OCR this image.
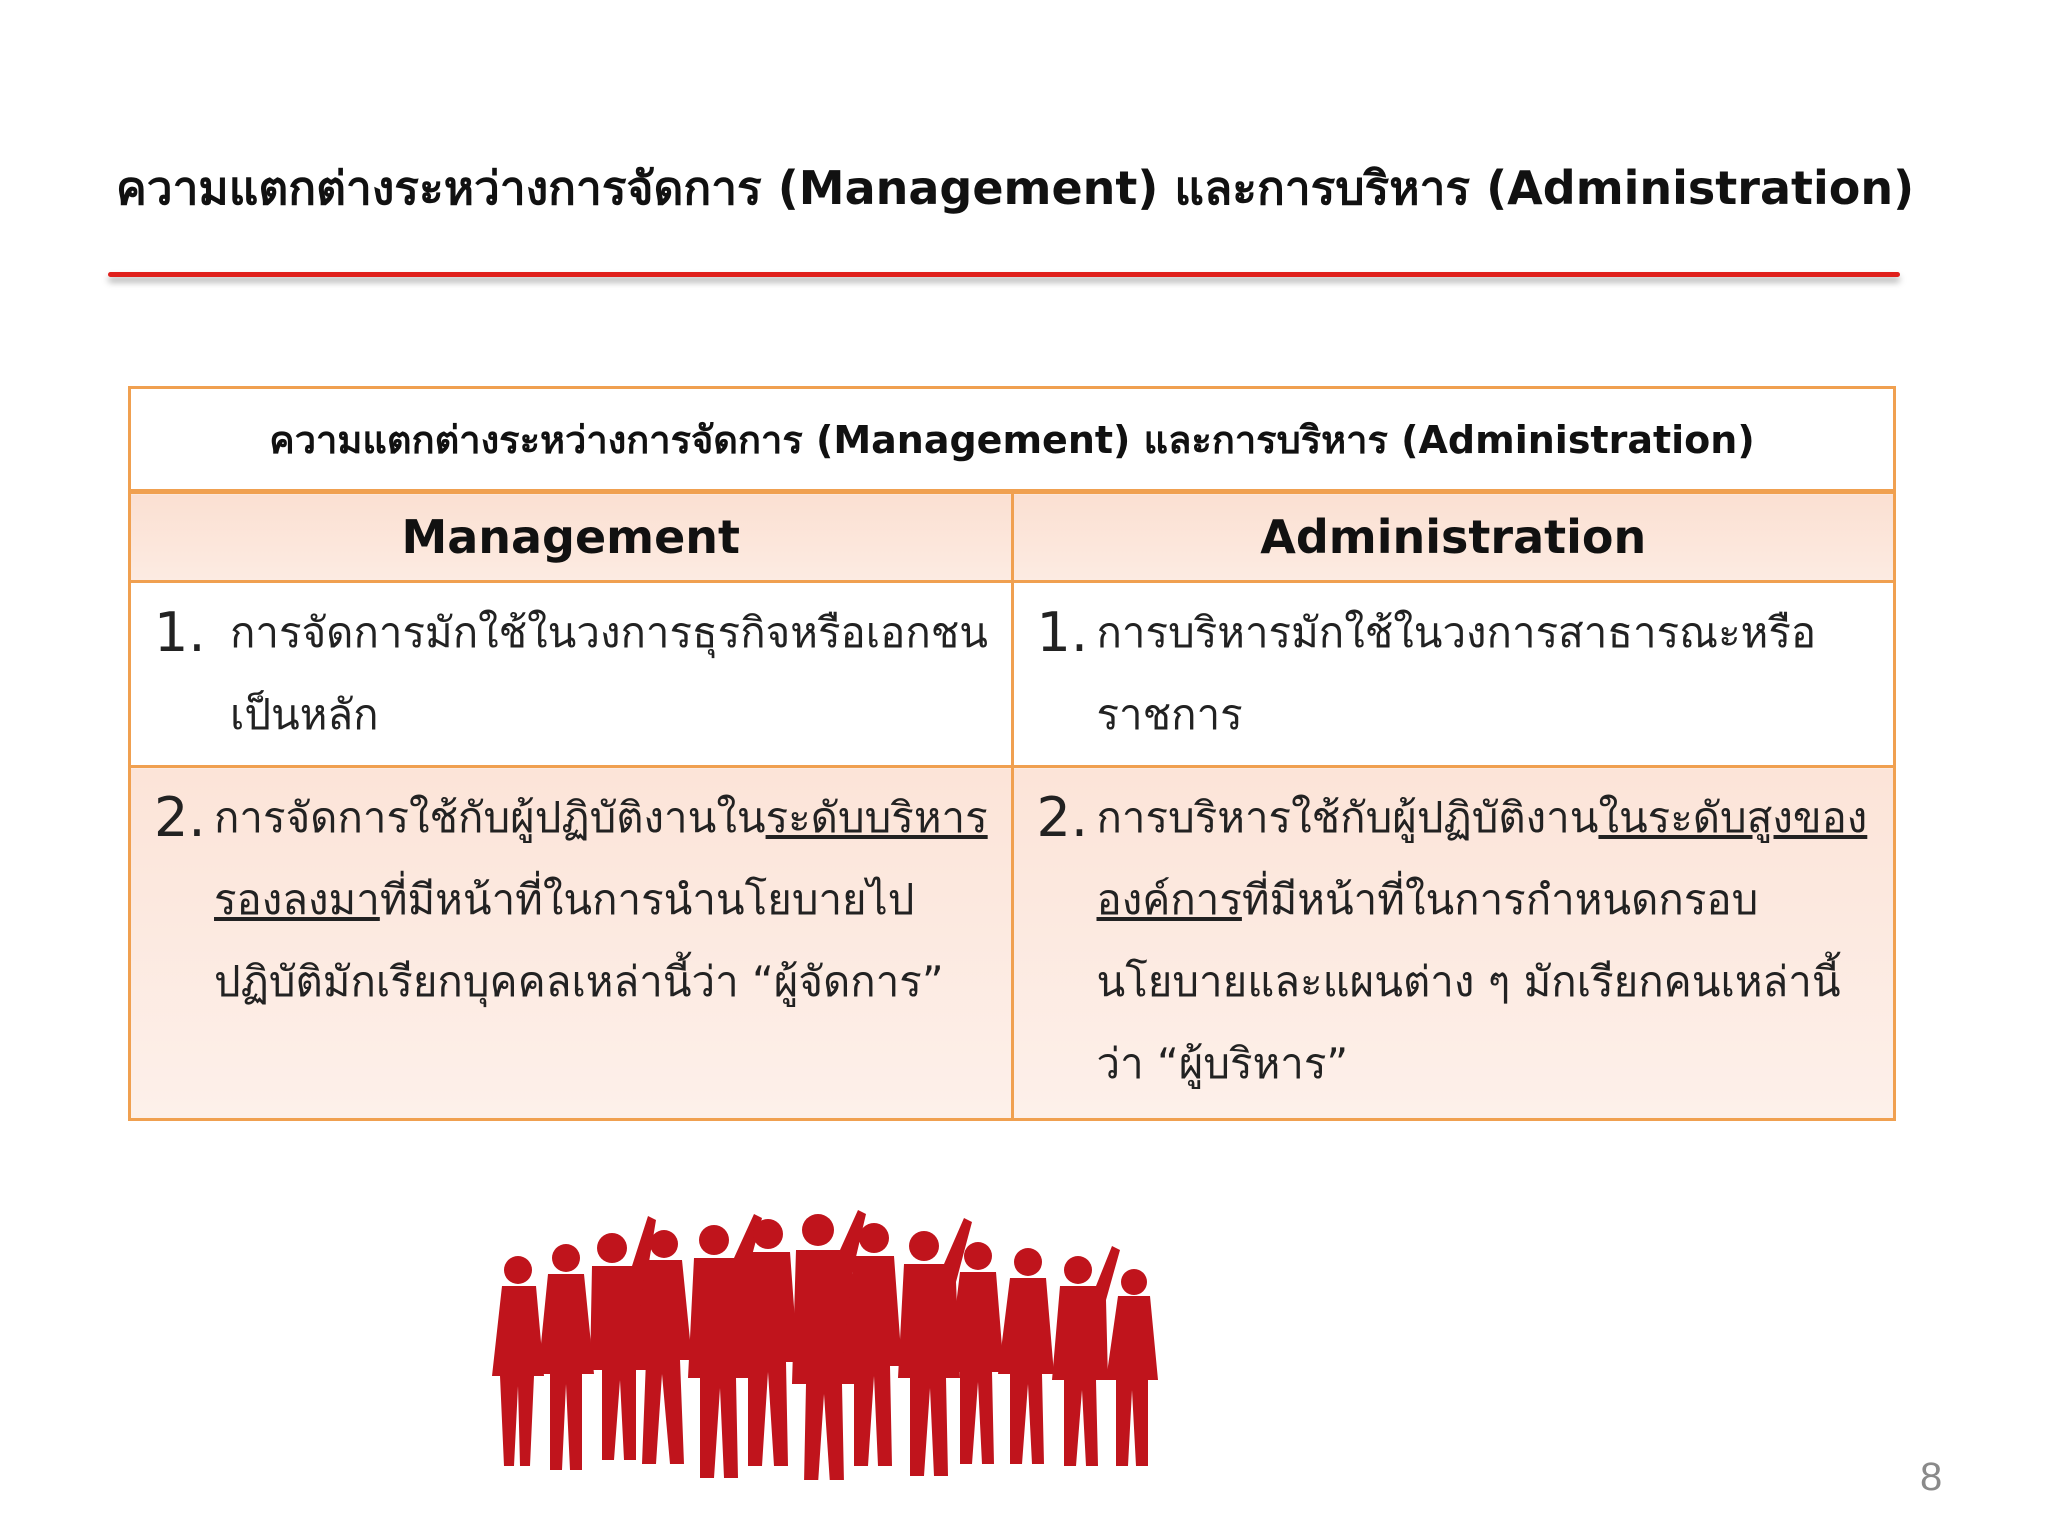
ความแตกต่างระหว่างการจัดการ (Management) และการบริหาร (Administration)
ความแตกต่างระหว่างการจัดการ (Management) และการบริหาร (Administration)	
Management	Administration

1. การจัดการมักใช้ในวงการธุรกิจหรือเอกชนเป็นหลัก	1. การบริหารมักใช้ในวงการสาธารณะหรือราชการ

2. การจัดการใช้กับผู้ปฏิบัติงานในระดับบริหารรองลงมาที่มีหน้าที่ในการนำนโยบายไปปฏิบัติมักเรียกบุคคลเหล่านี้ว่า “ผู้จัดการ”	2. การบริหารใช้กับผู้ปฏิบัติงานในระดับสูงขององค์การที่มีหน้าที่ในการกำหนดกรอบนโยบายและแผนต่าง ๆ มักเรียกคนเหล่านี้ว่า “ผู้บริหาร”
8
